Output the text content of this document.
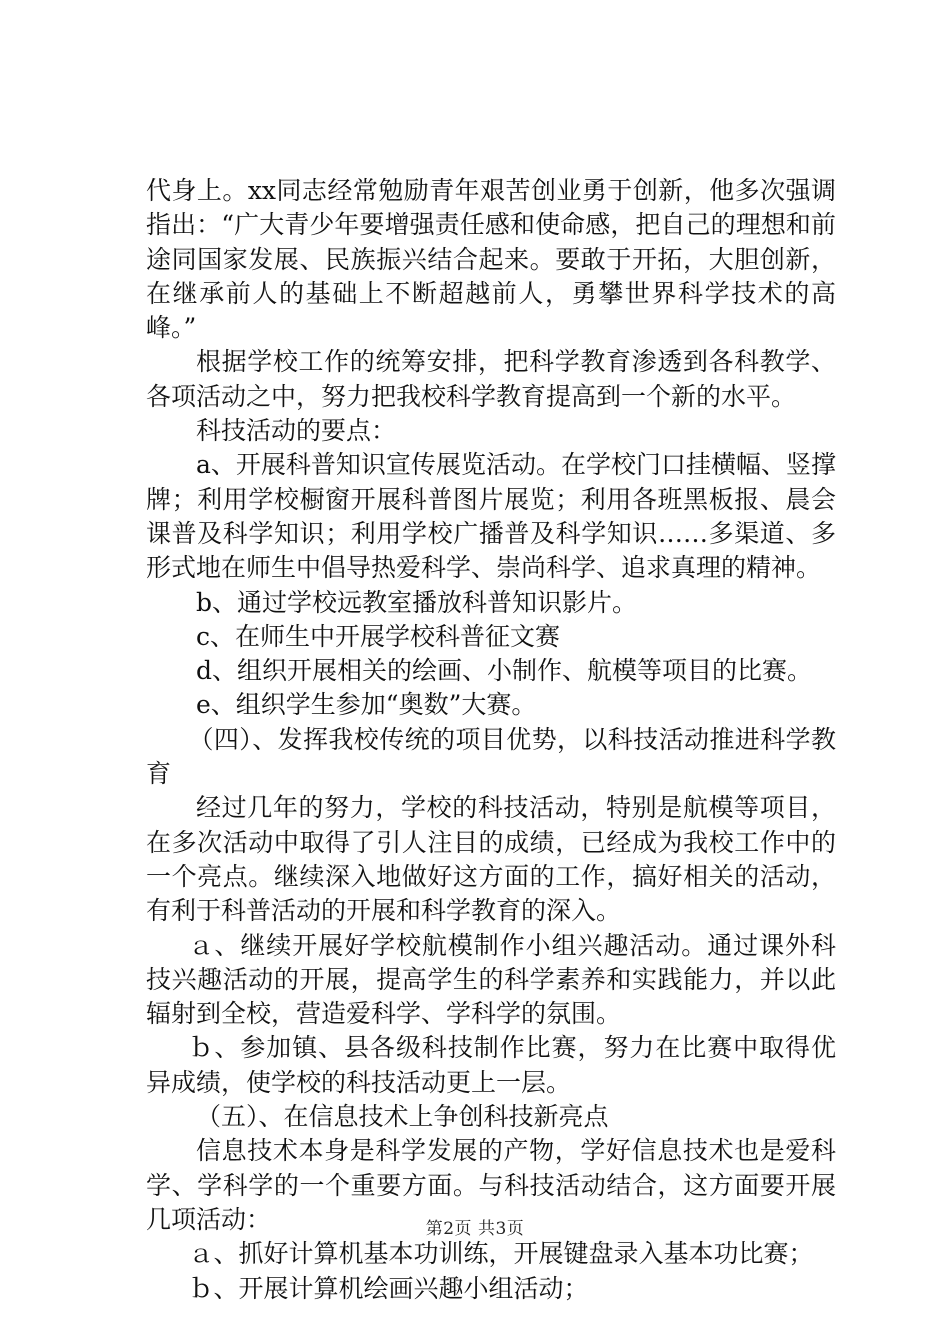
代身上。xx同志经常勉励青年艰苦创业勇于创新，他多次强调指出：“广大青少年要增强责任感和使命感，把自己的理想和前途同国家发展、民族振兴结合起来。要敢于开拓，大胆创新，在继承前人的基础上不断超越前人，勇攀世界科学技术的高峰。”

根据学校工作的统筹安排，把科学教育渗透到各科教学、各项活动之中，努力把我校科学教育提高到一个新的水平。

科技活动的要点：

a、开展科普知识宣传展览活动。在学校门口挂横幅、竖撑牌；利用学校橱窗开展科普图片展览；利用各班黑板报、晨会课普及科学知识；利用学校广播普及科学知识……多渠道、多形式地在师生中倡导热爱科学、崇尚科学、追求真理的精神。

b、通过学校远教室播放科普知识影片。

c、在师生中开展学校科普征文赛

d、组织开展相关的绘画、小制作、航模等项目的比赛。

e、组织学生参加“奥数”大赛。

（四）、发挥我校传统的项目优势，以科技活动推进科学教育

经过几年的努力，学校的科技活动，特别是航模等项目，在多次活动中取得了引人注目的成绩，已经成为我校工作中的一个亮点。继续深入地做好这方面的工作，搞好相关的活动，有利于科普活动的开展和科学教育的深入。

ａ、继续开展好学校航模制作小组兴趣活动。通过课外科技兴趣活动的开展，提高学生的科学素养和实践能力，并以此辐射到全校，营造爱科学、学科学的氛围。

ｂ、参加镇、县各级科技制作比赛，努力在比赛中取得优异成绩，使学校的科技活动更上一层。

（五）、在信息技术上争创科技新亮点

信息技术本身是科学发展的产物，学好信息技术也是爱科学、学科学的一个重要方面。与科技活动结合，这方面要开展几项活动：

ａ、抓好计算机基本功训练，开展键盘录入基本功比赛；

ｂ、开展计算机绘画兴趣小组活动；

第2页 共3页
